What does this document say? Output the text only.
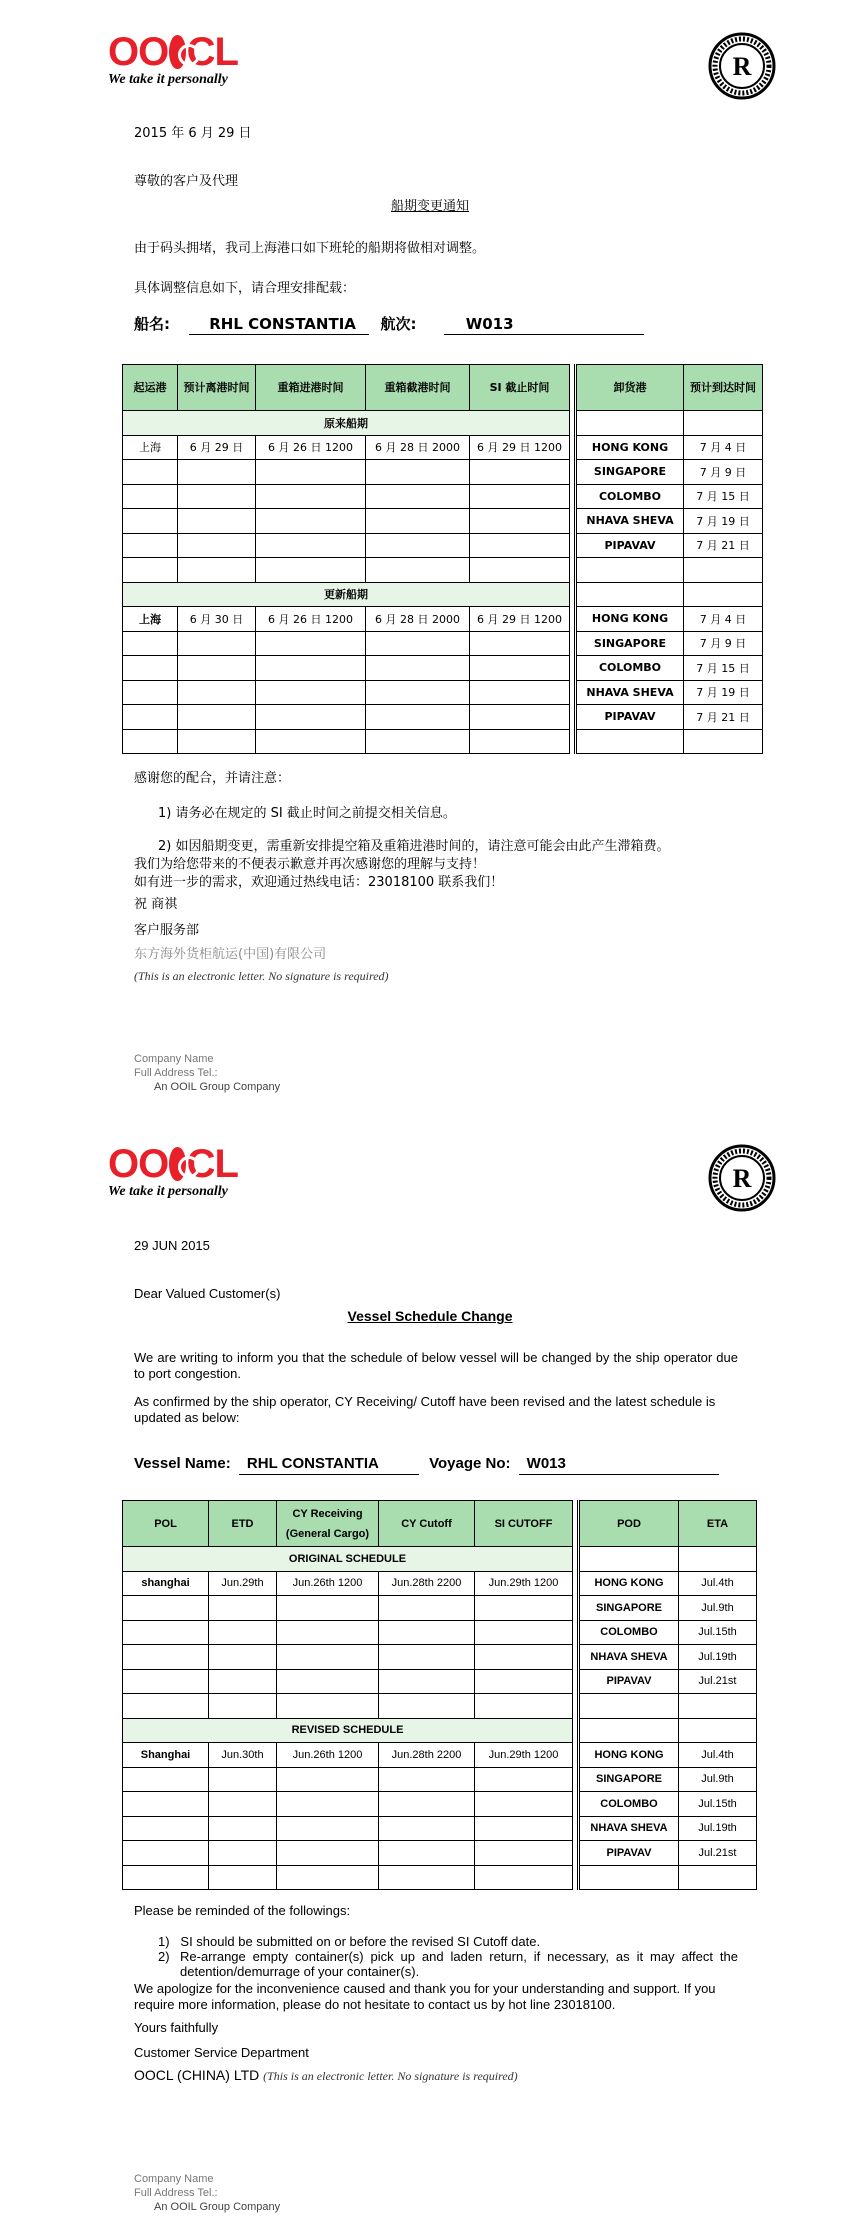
OO CL
We take it personally	R
2015 年 6 月 29 日
尊敬的客户及代理
船期变更通知
由于码头拥堵，我司上海港口如下班轮的船期将做相对调整。
具体调整信息如下，请合理安排配载：
船名:	RHL CONSTANTIA 航次:	W013
起运港	预计离港时间	重箱进港时间	重箱截港时间	SI 截止时间		卸货港	预计到达时间
原来船期							
上海	6 月 29 日	6 月 26 日 1200	6 月 28 日 2000	6 月 29 日 1200		HONG KONG	7 月 4 日
						SINGAPORE	7 月 9 日
						COLOMBO	7 月 15 日
						NHAVA SHEVA	7 月 19 日
						PIPAVAV	7 月 21 日

更新船期							
上海	6 月 30 日	6 月 26 日 1200	6 月 28 日 2000	6 月 29 日 1200		HONG KONG	7 月 4 日
						SINGAPORE	7 月 9 日
						COLOMBO	7 月 15 日
						NHAVA SHEVA	7 月 19 日
						PIPAVAV	7 月 21 日

感谢您的配合，并请注意：
1) 请务必在规定的 SI 截止时间之前提交相关信息。
2) 如因船期变更，需重新安排提空箱及重箱进港时间的，请注意可能会由此产生滞箱费。
我们为给您带来的不便表示歉意并再次感谢您的理解与支持！
如有进一步的需求，欢迎通过热线电话：23018100 联系我们！
祝 商祺
客户服务部
东方海外货柜航运(中国)有限公司
(This is an electronic letter. No signature is required)
Company Name
Full Address Tel.:
An OOIL Group Company
OO CL
We take it personally	R
29 JUN 2015
Dear Valued Customer(s)
Vessel Schedule Change
We are writing to inform you that the schedule of below vessel will be changed by the ship operator due to port congestion.
As confirmed by the ship operator, CY Receiving/ Cutoff have been revised and the latest schedule is updated as below:
Vessel Name: RHL CONSTANTIA	Voyage No: W013
POL	ETD	CY Receiving (General Cargo)	CY Cutoff	SI CUTOFF		POD	ETA
ORIGINAL SCHEDULE							
shanghai	Jun.29th	Jun.26th 1200	Jun.28th 2200	Jun.29th 1200		HONG KONG	Jul.4th
						SINGAPORE	Jul.9th
						COLOMBO	Jul.15th
						NHAVA SHEVA	Jul.19th
						PIPAVAV	Jul.21st

REVISED SCHEDULE							
Shanghai	Jun.30th	Jun.26th 1200	Jun.28th 2200	Jun.29th 1200		HONG KONG	Jul.4th
						SINGAPORE	Jul.9th
						COLOMBO	Jul.15th
						NHAVA SHEVA	Jul.19th
						PIPAVAV	Jul.21st

Please be reminded of the followings:
1)   SI should be submitted on or before the revised SI Cutoff date.
2) Re-arrange empty container(s) pick up and laden return, if necessary, as it may affect the detention/demurrage of your container(s).
We apologize for the inconvenience caused and thank you for your understanding and support. If you require more information, please do not hesitate to contact us by hot line 23018100.
Yours faithfully
Customer Service Department
OOCL (CHINA) LTD (This is an electronic letter. No signature is required)
Company Name
Full Address Tel.:
An OOIL Group Company
